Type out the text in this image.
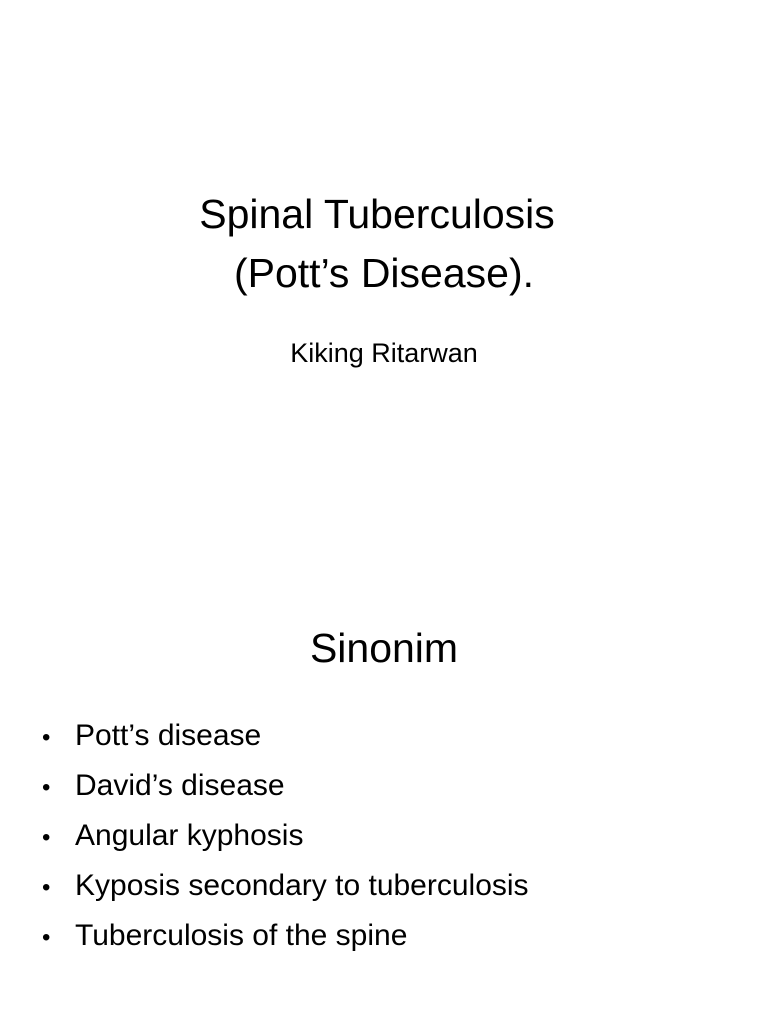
Spinal Tuberculosis
(Pott’s Disease).
Kiking Ritarwan
Sinonim
• Pott’s disease
• David’s disease
• Angular kyphosis
• Kyposis secondary to tuberculosis
• Tuberculosis of the spine
